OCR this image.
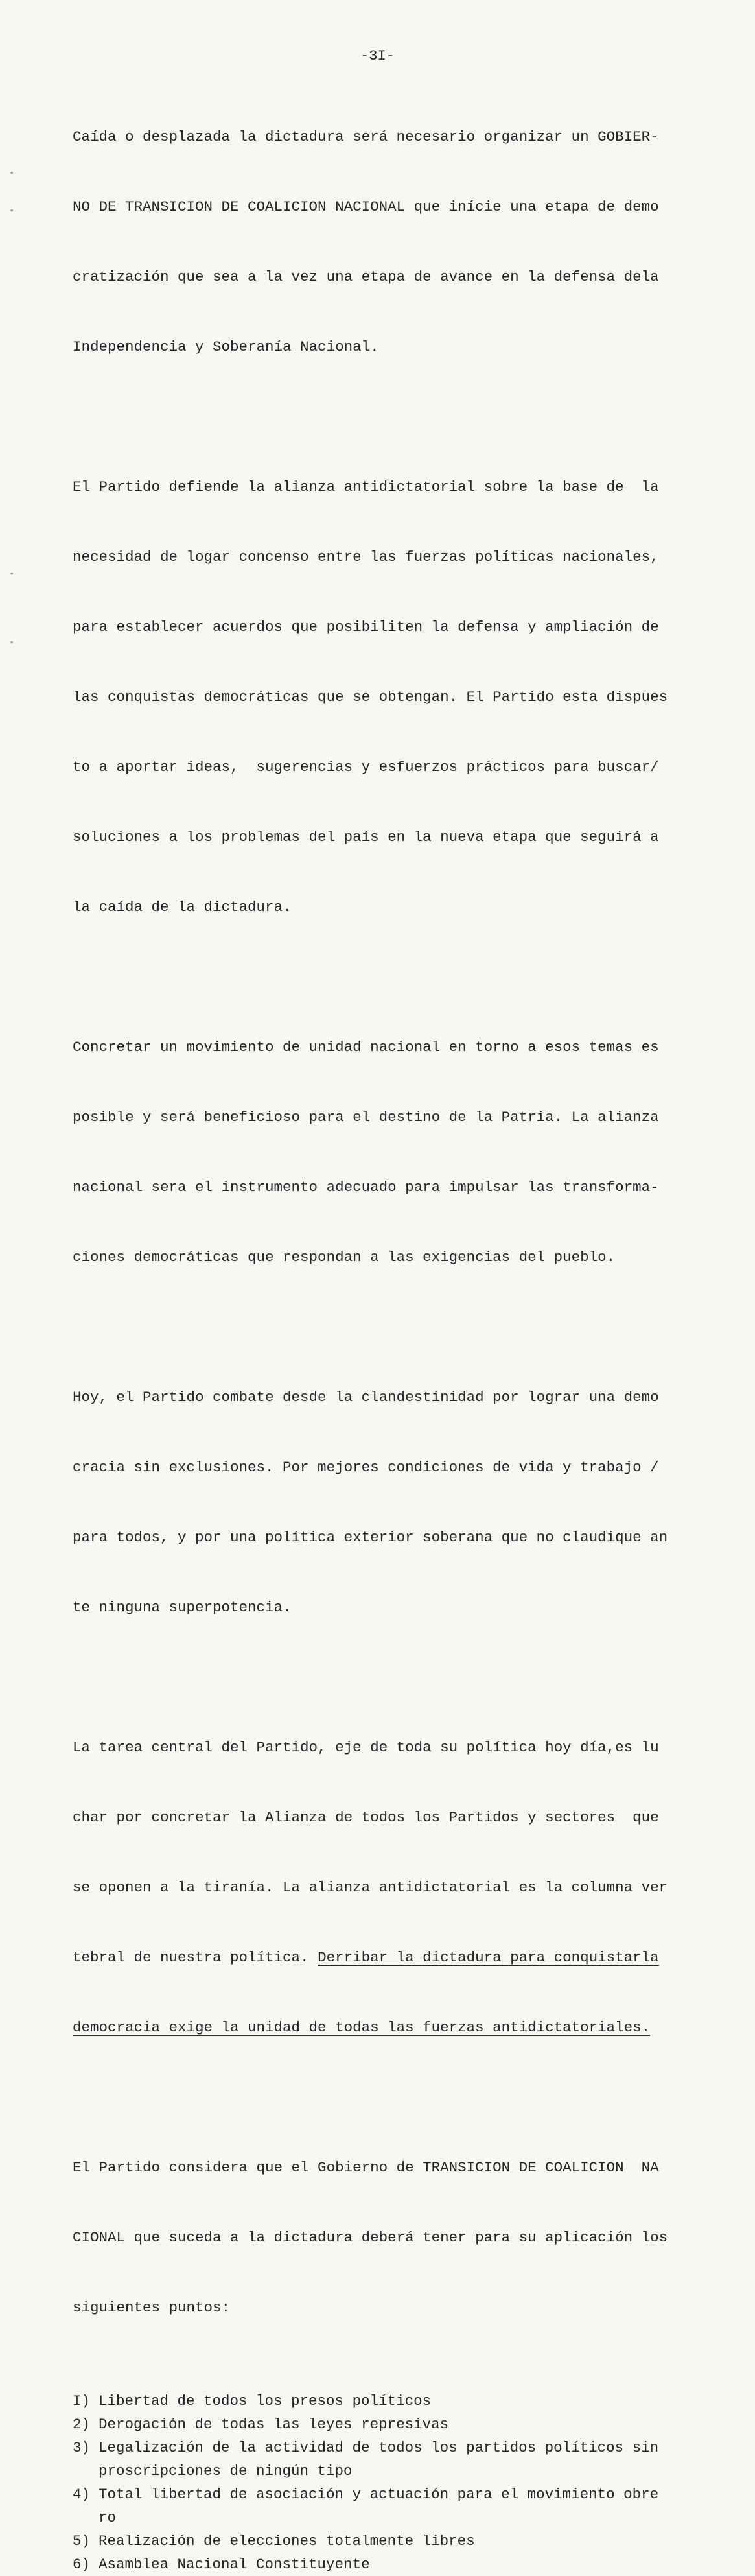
•
•
•
•
-3I-

Caída o desplazada la dictadura será necesario organizar un GOBIER-

NO DE TRANSICION DE COALICION NACIONAL que inície una etapa de demo

cratización que sea a la vez una etapa de avance en la defensa dela

Independencia y Soberanía Nacional.

El Partido defiende la alianza antidictatorial sobre la base de  la

necesidad de logar concenso entre las fuerzas políticas nacionales,

para establecer acuerdos que posibiliten la defensa y ampliación de

las conquistas democráticas que se obtengan. El Partido esta dispues

to a aportar ideas,  sugerencias y esfuerzos prácticos para buscar/

soluciones a los problemas del país en la nueva etapa que seguirá a

la caída de la dictadura.

Concretar un movimiento de unidad nacional en torno a esos temas es

posible y será beneficioso para el destino de la Patria. La alianza

nacional sera el instrumento adecuado para impulsar las transforma-

ciones democráticas que respondan a las exigencias del pueblo.

Hoy, el Partido combate desde la clandestinidad por lograr una demo

cracia sin exclusiones. Por mejores condiciones de vida y trabajo /

para todos, y por una política exterior soberana que no claudique an

te ninguna superpotencia.

La tarea central del Partido, eje de toda su política hoy día,es lu

char por concretar la Alianza de todos los Partidos y sectores  que

se oponen a la tiranía. La alianza antidictatorial es la columna ver

tebral de nuestra política. Derribar la dictadura para conquistarla

democracia exige la unidad de todas las fuerzas antidictatoriales.

El Partido considera que el Gobierno de TRANSICION DE COALICION  NA

CIONAL que suceda a la dictadura deberá tener para su aplicación los

siguientes puntos:

I) Libertad de todos los presos políticos
2) Derogación de todas las leyes represivas
3) Legalización de la actividad de todos los partidos políticos sin
proscripciones de ningún tipo
4) Total libertad de asociación y actuación para el movimiento obre
ro
5) Realización de elecciones totalmente libres
6) Asamblea Nacional Constituyente
